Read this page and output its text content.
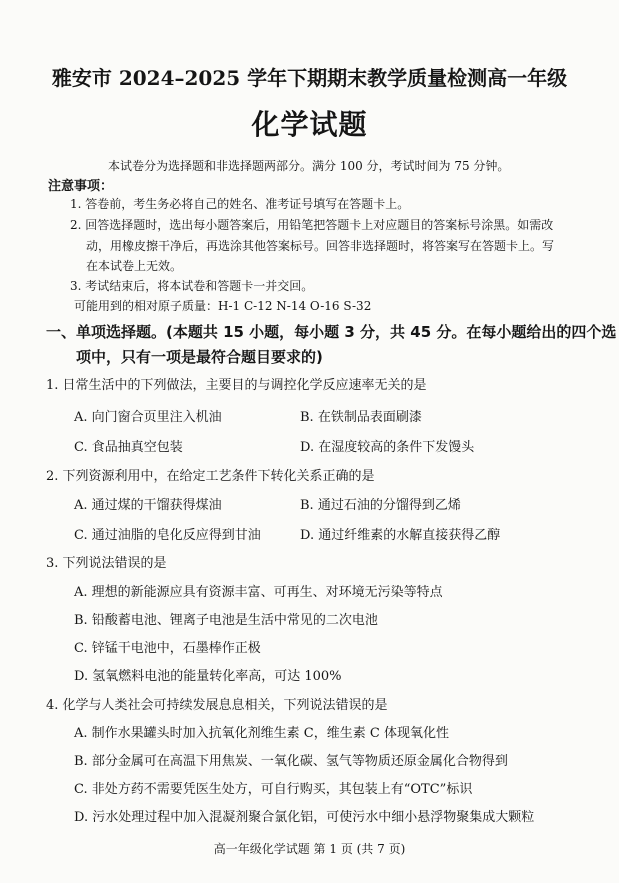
雅安市 2024–2025 学年下期期末教学质量检测高一年级
化学试题
本试卷分为选择题和非选择题两部分。满分 100 分，考试时间为 75 分钟。
注意事项：
1. 答卷前，考生务必将自己的姓名、准考证号填写在答题卡上。
2. 回答选择题时，选出每小题答案后，用铅笔把答题卡上对应题目的答案标号涂黑。如需改
动，用橡皮擦干净后，再选涂其他答案标号。回答非选择题时，将答案写在答题卡上。写
在本试卷上无效。
3. 考试结束后，将本试卷和答题卡一并交回。
可能用到的相对原子质量：H-1 C-12 N-14 O-16 S-32
一、单项选择题。(本题共 15 小题，每小题 3 分，共 45 分。在每小题给出的四个选
项中，只有一项是最符合题目要求的)
1. 日常生活中的下列做法，主要目的与调控化学反应速率无关的是
A. 向门窗合页里注入机油	B. 在铁制品表面刷漆
C. 食品抽真空包装	D. 在湿度较高的条件下发馒头
2. 下列资源利用中，在给定工艺条件下转化关系正确的是
A. 通过煤的干馏获得煤油	B. 通过石油的分馏得到乙烯
C. 通过油脂的皂化反应得到甘油	D. 通过纤维素的水解直接获得乙醇
3. 下列说法错误的是
A. 理想的新能源应具有资源丰富、可再生、对环境无污染等特点
B. 铅酸蓄电池、锂离子电池是生活中常见的二次电池
C. 锌锰干电池中，石墨棒作正极
D. 氢氧燃料电池的能量转化率高，可达 100%
4. 化学与人类社会可持续发展息息相关，下列说法错误的是
A. 制作水果罐头时加入抗氧化剂维生素 C，维生素 C 体现氧化性
B. 部分金属可在高温下用焦炭、一氧化碳、氢气等物质还原金属化合物得到
C. 非处方药不需要凭医生处方，可自行购买，其包装上有“OTC”标识
D. 污水处理过程中加入混凝剂聚合氯化铝，可使污水中细小悬浮物聚集成大颗粒
高一年级化学试题 第 1 页 (共 7 页)
